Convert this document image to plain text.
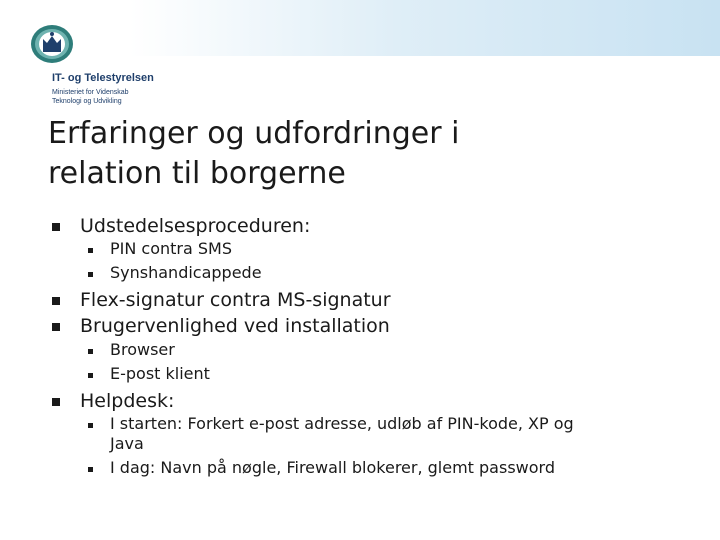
IT- og Telestyrelsen
Ministeriet for Videnskab
Teknologi og Udvikling
Erfaringer og udfordringer i
relation til borgerne
Udstedelsesproceduren:
PIN contra SMS
Synshandicappede
Flex-signatur contra MS-signatur
Brugervenlighed ved installation
Browser
E-post klient
Helpdesk:
I starten: Forkert e-post adresse, udløb af PIN-kode, XP og Java
I dag: Navn på nøgle, Firewall blokerer, glemt password
